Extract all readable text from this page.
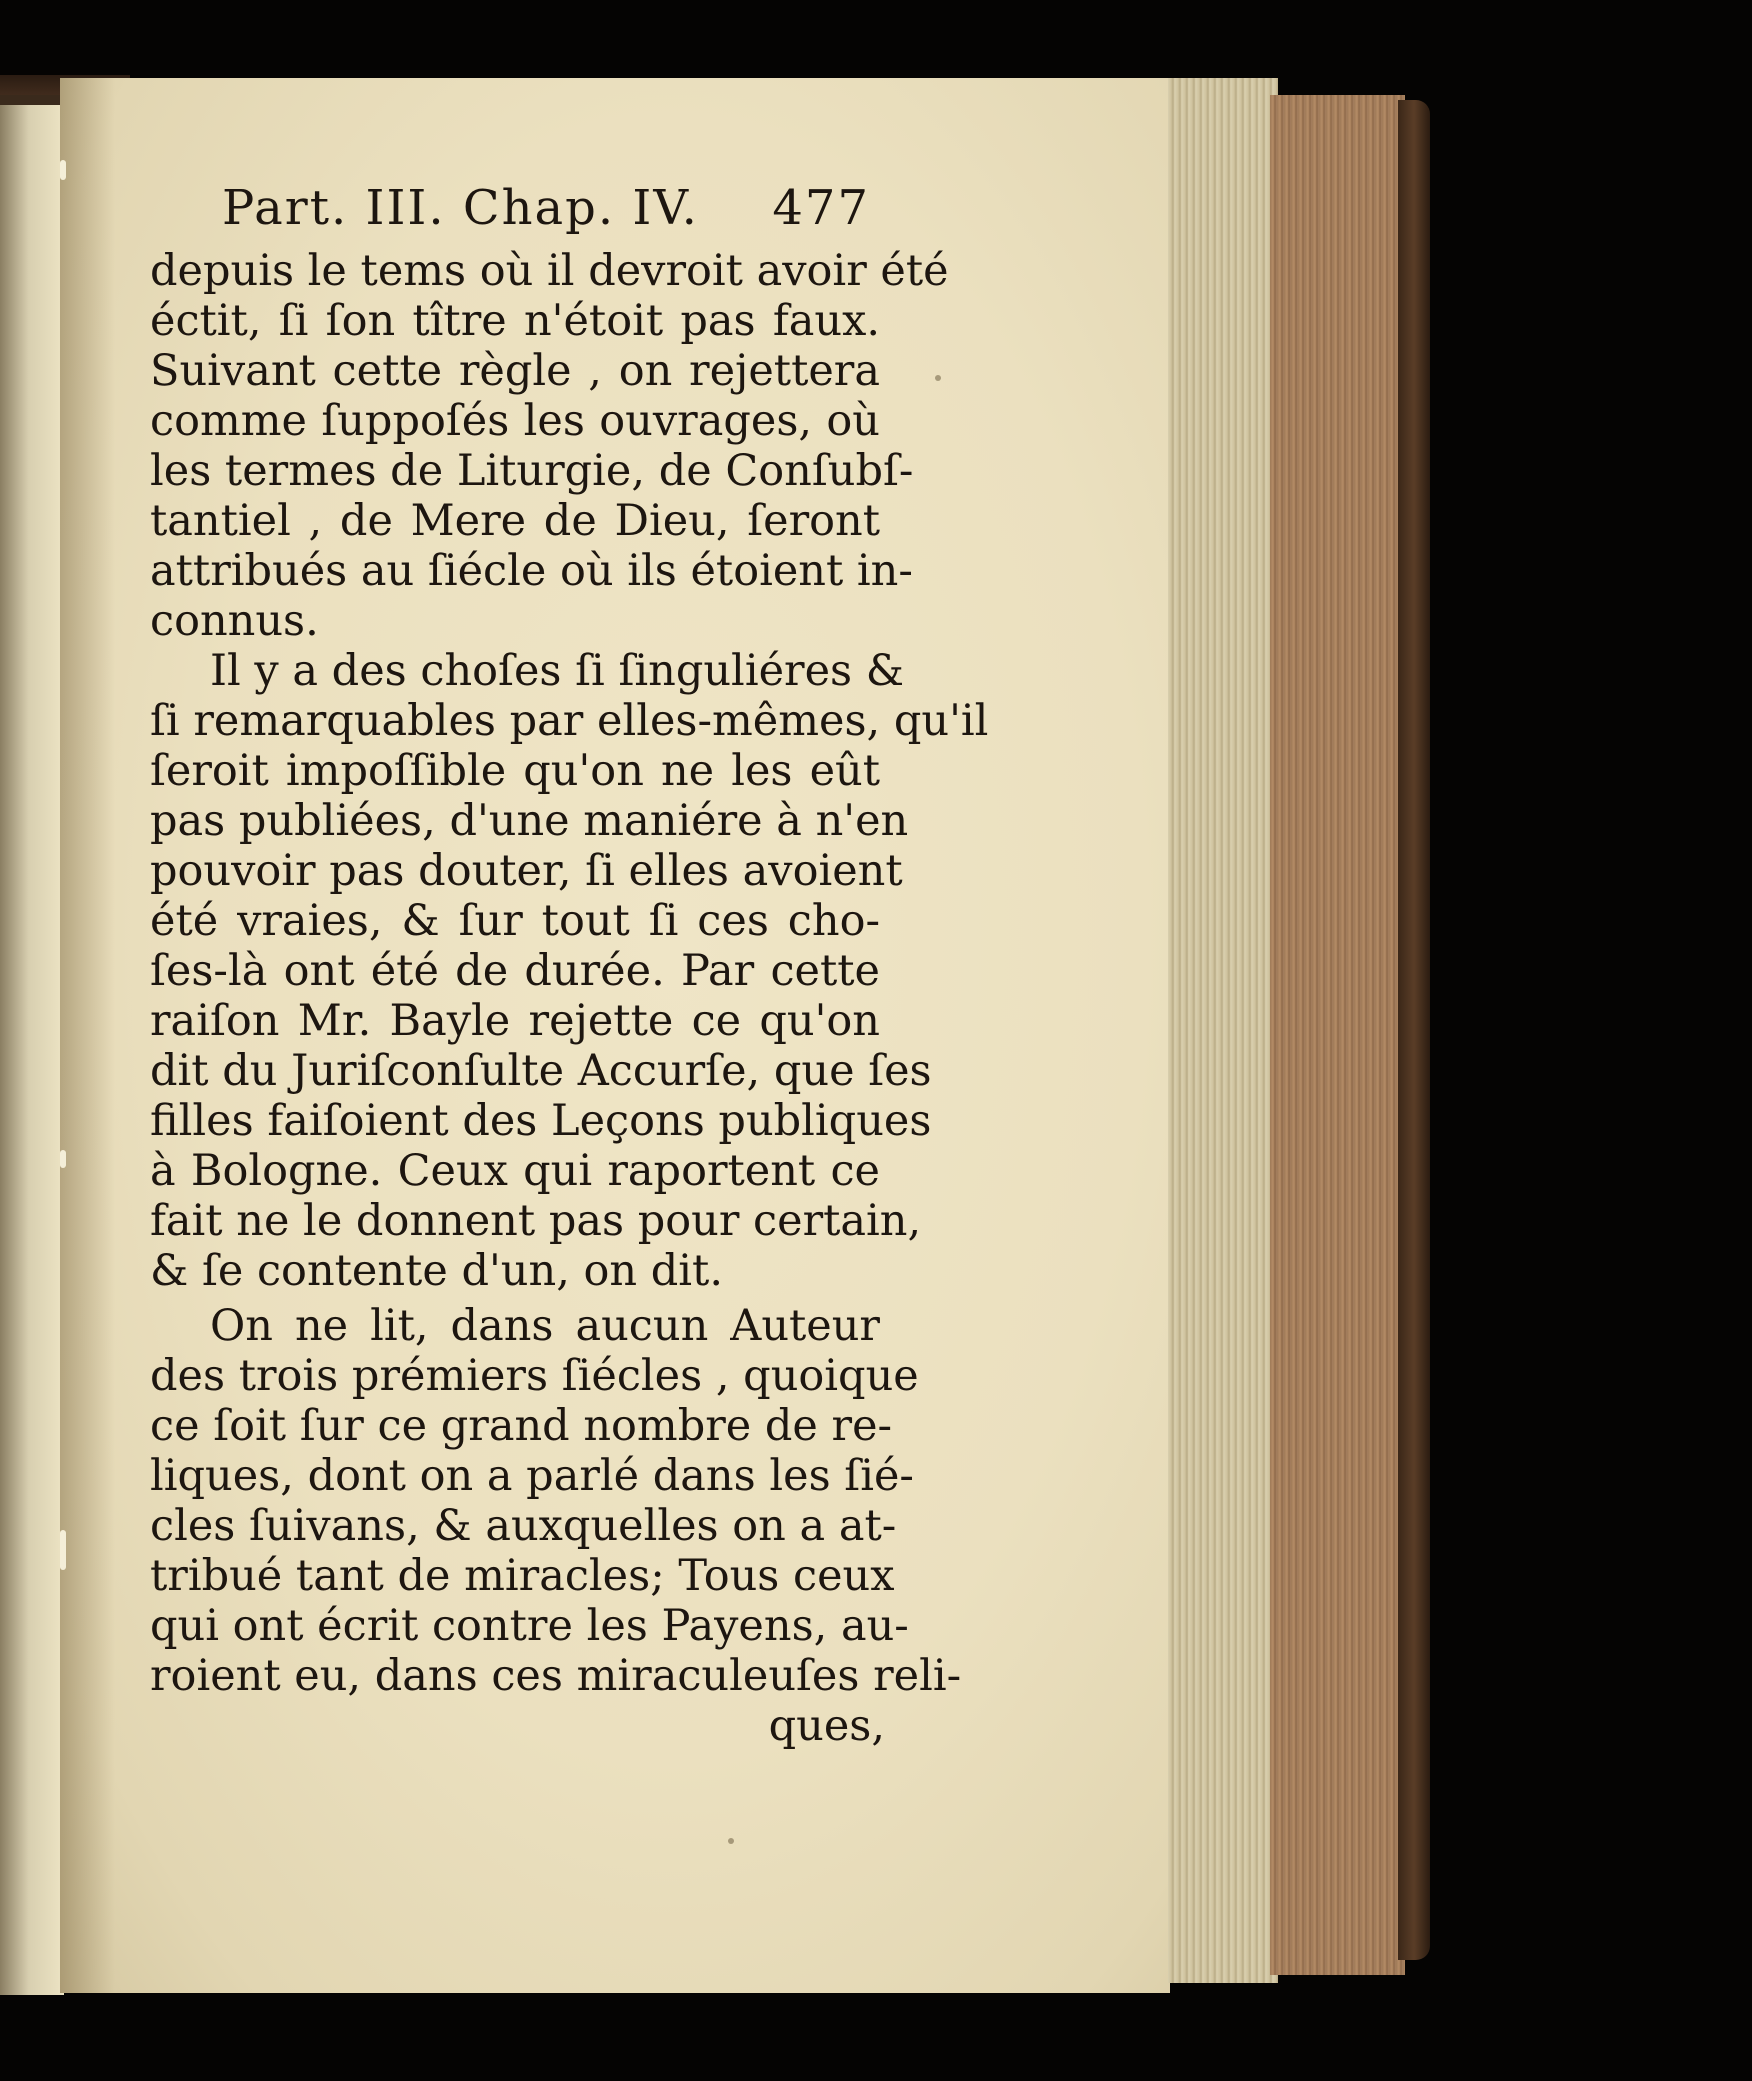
Part. III. Chap. IV. 477
depuis le tems où il devroit avoir été
éctit, ſi ſon tître n'étoit pas faux.
Suivant cette règle , on rejettera
comme ſuppoſés les ouvrages, où
les termes de Liturgie, de Conſubſ-
tantiel , de Mere de Dieu, ſeront
attribués au ſiécle où ils étoient in-
connus.
Il y a des choſes ſi ſinguliéres &
ſi remarquables par elles-mêmes, qu'il
ſeroit impoſſible qu'on ne les eût
pas publiées, d'une maniére à n'en
pouvoir pas douter, ſi elles avoient
été vraies, & ſur tout ſi ces cho-
ſes-là ont été de durée. Par cette
raiſon Mr. Bayle rejette ce qu'on
dit du Juriſconſulte Accurſe, que ſes
filles faiſoient des Leçons publiques
à Bologne. Ceux qui raportent ce
fait ne le donnent pas pour certain,
& ſe contente d'un, on dit.
On ne lit, dans aucun Auteur
des trois prémiers ſiécles , quoique
ce ſoit ſur ce grand nombre de re-
liques, dont on a parlé dans les ſié-
cles ſuivans, & auxquelles on a at-
tribué tant de miracles; Tous ceux
qui ont écrit contre les Payens, au-
roient eu, dans ces miraculeuſes reli-
ques,
